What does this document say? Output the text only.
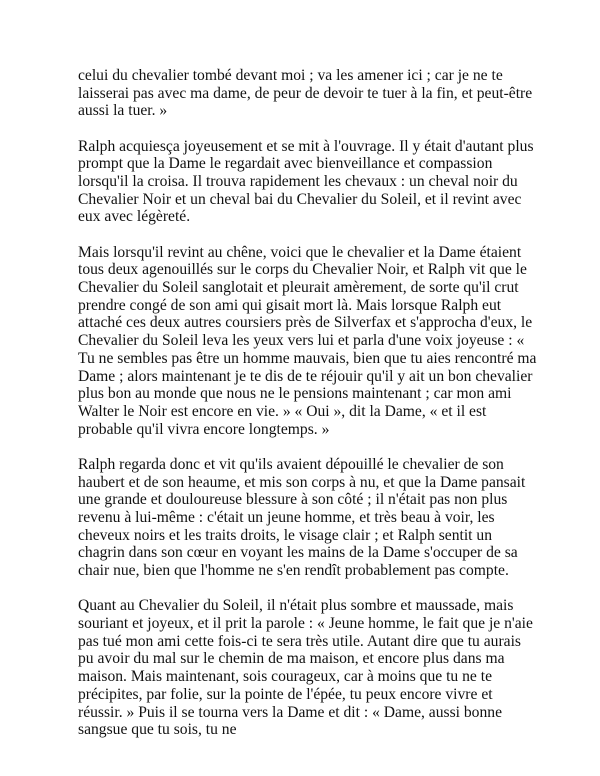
celui du chevalier tombé devant moi ; va les amener ici ; car je ne te laisserai pas avec ma dame, de peur de devoir te tuer à la fin, et peut-être aussi la tuer. »

Ralph acquiesça joyeusement et se mit à l'ouvrage. Il y était d'autant plus prompt que la Dame le regardait avec bienveillance et compassion lorsqu'il la croisa. Il trouva rapidement les chevaux : un cheval noir du Chevalier Noir et un cheval bai du Chevalier du Soleil, et il revint avec eux avec légèreté.

Mais lorsqu'il revint au chêne, voici que le chevalier et la Dame étaient tous deux agenouillés sur le corps du Chevalier Noir, et Ralph vit que le Chevalier du Soleil sanglotait et pleurait amèrement, de sorte qu'il crut prendre congé de son ami qui gisait mort là. Mais lorsque Ralph eut attaché ces deux autres coursiers près de Silverfax et s'approcha d'eux, le Chevalier du Soleil leva les yeux vers lui et parla d'une voix joyeuse : « Tu ne sembles pas être un homme mauvais, bien que tu aies rencontré ma Dame ; alors maintenant je te dis de te réjouir qu'il y ait un bon chevalier plus bon au monde que nous ne le pensions maintenant ; car mon ami Walter le Noir est encore en vie. » « Oui », dit la Dame, « et il est probable qu'il vivra encore longtemps. »

Ralph regarda donc et vit qu'ils avaient dépouillé le chevalier de son haubert et de son heaume, et mis son corps à nu, et que la Dame pansait une grande et douloureuse blessure à son côté ; il n'était pas non plus revenu à lui-même : c'était un jeune homme, et très beau à voir, les cheveux noirs et les traits droits, le visage clair ; et Ralph sentit un chagrin dans son cœur en voyant les mains de la Dame s'occuper de sa chair nue, bien que l'homme ne s'en rendît probablement pas compte.

Quant au Chevalier du Soleil, il n'était plus sombre et maussade, mais souriant et joyeux, et il prit la parole : « Jeune homme, le fait que je n'aie pas tué mon ami cette fois-ci te sera très utile. Autant dire que tu aurais pu avoir du mal sur le chemin de ma maison, et encore plus dans ma maison. Mais maintenant, sois courageux, car à moins que tu ne te précipites, par folie, sur la pointe de l'épée, tu peux encore vivre et réussir. » Puis il se tourna vers la Dame et dit : « Dame, aussi bonne sangsue que tu sois, tu ne
